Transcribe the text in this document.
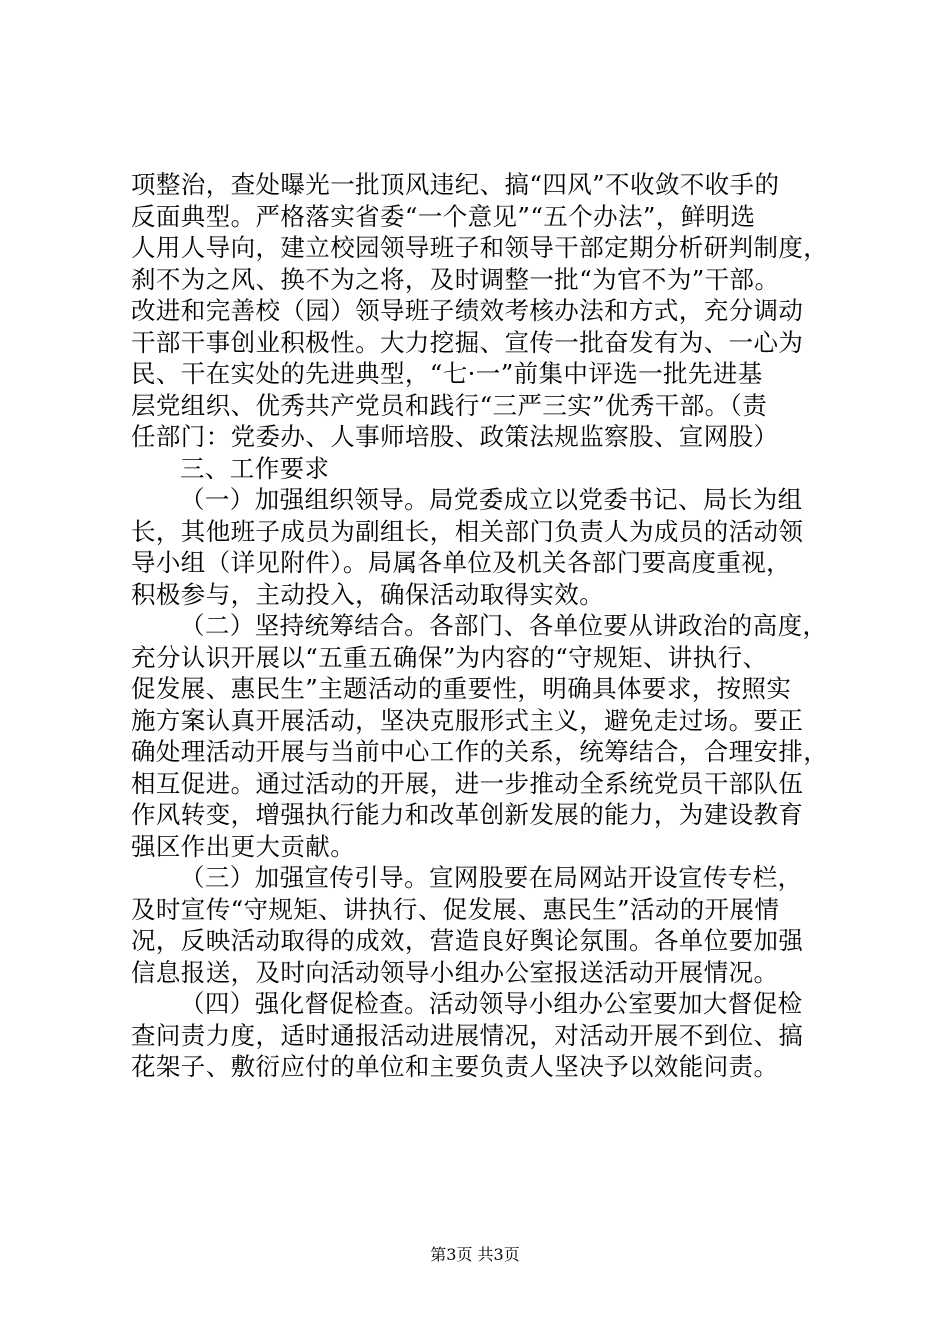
项整治，查处曝光一批顶风违纪、搞“四风”不收敛不收手的
反面典型。严格落实省委“一个意见”“五个办法”，鲜明选
人用人导向，建立校园领导班子和领导干部定期分析研判制度，
刹不为之风、换不为之将，及时调整一批“为官不为”干部。
改进和完善校（园）领导班子绩效考核办法和方式，充分调动
干部干事创业积极性。大力挖掘、宣传一批奋发有为、一心为
民、干在实处的先进典型，“七·一”前集中评选一批先进基
层党组织、优秀共产党员和践行“三严三实”优秀干部。（责
任部门：党委办、人事师培股、政策法规监察股、宣网股）
三、工作要求
（一）加强组织领导。局党委成立以党委书记、局长为组
长，其他班子成员为副组长，相关部门负责人为成员的活动领
导小组（详见附件）。局属各单位及机关各部门要高度重视，
积极参与，主动投入，确保活动取得实效。
（二）坚持统筹结合。各部门、各单位要从讲政治的高度，
充分认识开展以“五重五确保”为内容的“守规矩、讲执行、
促发展、惠民生”主题活动的重要性，明确具体要求，按照实
施方案认真开展活动，坚决克服形式主义，避免走过场。要正
确处理活动开展与当前中心工作的关系，统筹结合，合理安排，
相互促进。通过活动的开展，进一步推动全系统党员干部队伍
作风转变，增强执行能力和改革创新发展的能力，为建设教育
强区作出更大贡献。
（三）加强宣传引导。宣网股要在局网站开设宣传专栏，
及时宣传“守规矩、讲执行、促发展、惠民生”活动的开展情
况，反映活动取得的成效，营造良好舆论氛围。各单位要加强
信息报送，及时向活动领导小组办公室报送活动开展情况。
（四）强化督促检查。活动领导小组办公室要加大督促检
查问责力度，适时通报活动进展情况，对活动开展不到位、搞
花架子、敷衍应付的单位和主要负责人坚决予以效能问责。
第3页 共3页
